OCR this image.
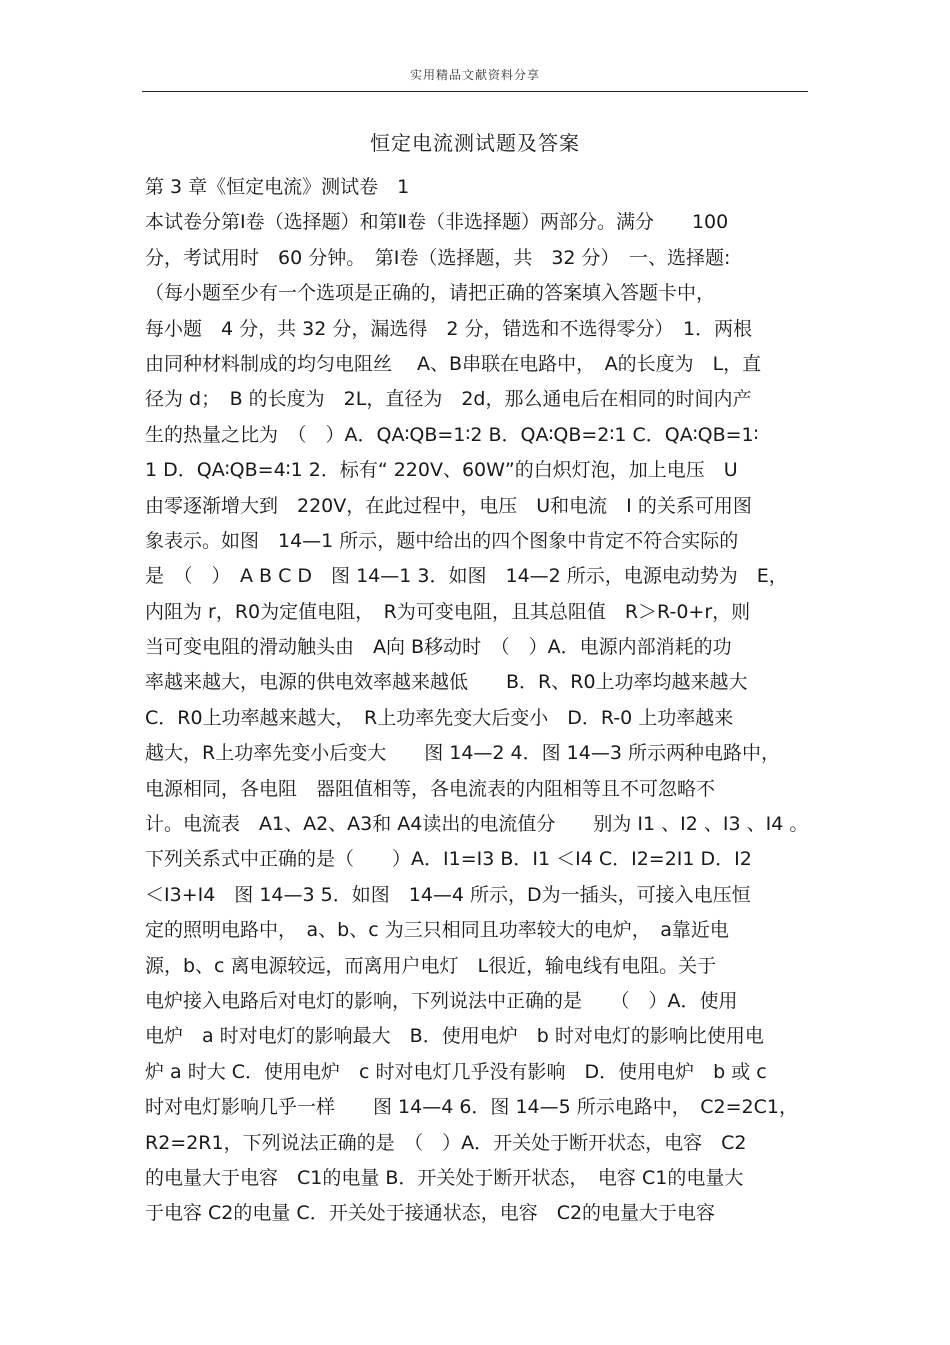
实用精品文献资料分享
恒定电流测试题及答案
第 3 章《恒定电流》测试卷　1
本试卷分第Ⅰ卷（选择题）和第Ⅱ卷（非选择题）两部分。满分　　100
分，考试用时　60 分钟。　第Ⅰ卷（选择题，共　32 分）　一、选择题:
（每小题至少有一个选项是正确的，请把正确的答案填入答题卡中，
每小题　4 分，共 32 分，漏选得　2 分，错选和不选得零分）　1．两根
由同种材料制成的均匀电阻丝　 A、B串联在电路中，　A的长度为　L，直
径为 d；　B 的长度为　2L，直径为　2d，那么通电后在相同的时间内产
生的热量之比为　（　）A．QA∶QB=1∶2 B．QA∶QB=2∶1 C．QA∶QB=1∶
1 D．QA∶QB=4∶1 2．标有“ 220V、60W”的白炽灯泡，加上电压　U
由零逐渐增大到　220V，在此过程中，电压　U和电流　I 的关系可用图
象表示。如图　14—1 所示，题中给出的四个图象中肯定不符合实际的
是　（　）　A B C D　图 14—1 3．如图　14—2 所示，电源电动势为　E，
内阻为 r，R0为定值电阻，　R为可变电阻，且其总阻值　R＞R-0+r，则
当可变电阻的滑动触头由　A向 B移动时　（　）A．电源内部消耗的功
率越来越大，电源的供电效率越来越低　　B．R、R0上功率均越来越大
C．R0上功率越来越大，　R上功率先变大后变小　D．R-0 上功率越来
越大，R上功率先变小后变大　　图 14—2 4．图 14—3 所示两种电路中，
电源相同，各电阻　器阻值相等，各电流表的内阻相等且不可忽略不
计。电流表　A1、A2、A3和 A4读出的电流值分　　别为 I1 、I2 、I3 、I4 。
下列关系式中正确的是（　　）A．I1=I3 B．I1 ＜I4 C．I2=2I1 D．I2
＜I3+I4　图 14—3 5．如图　14—4 所示，D为一插头，可接入电压恒
定的照明电路中，　a、b、c 为三只相同且功率较大的电炉，　a靠近电
源，b、c 离电源较远，而离用户电灯　L很近，输电线有电阻。关于
电炉接入电路后对电灯的影响，下列说法中正确的是　　（　）A．使用
电炉　a 时对电灯的影响最大　B．使用电炉　b 时对电灯的影响比使用电
炉 a 时大 C．使用电炉　c 时对电灯几乎没有影响　D．使用电炉　b 或 c
时对电灯影响几乎一样　　图 14—4 6．图 14—5 所示电路中，　C2=2C1，
R2=2R1，下列说法正确的是　（　）A．开关处于断开状态，电容　C2
的电量大于电容　C1的电量 B．开关处于断开状态，　电容 C1的电量大
于电容 C2的电量 C．开关处于接通状态，电容　C2的电量大于电容
